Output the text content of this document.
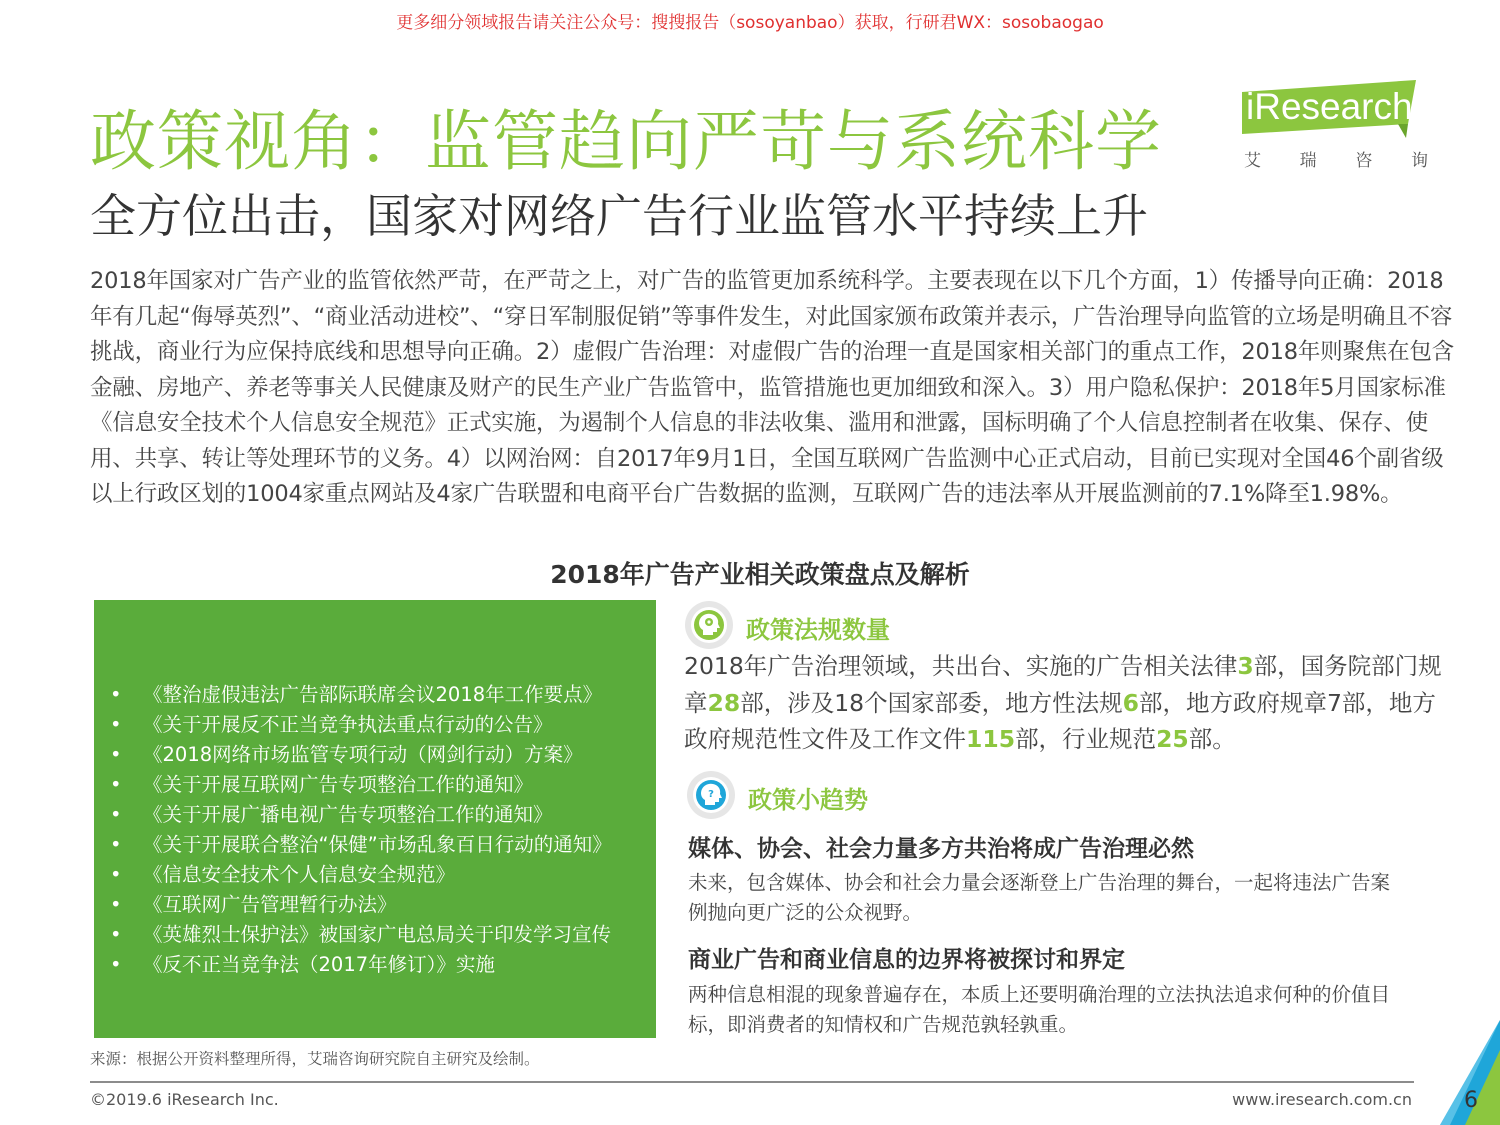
更多细分领域报告请关注公众号：搜搜报告（sosoyanbao）获取，行研君WX：sosobaogao
政策视角：监管趋向严苛与系统科学
全方位出击，国家对网络广告行业监管水平持续上升
iResearch
艾 瑞 咨 询
2018年国家对广告产业的监管依然严苛，在严苛之上，对广告的监管更加系统科学。主要表现在以下几个方面，1）传播导向正确：2018年有几起“侮辱英烈”、“商业活动进校”、“穿日军制服促销”等事件发生，对此国家颁布政策并表示，广告治理导向监管的立场是明确且不容挑战，商业行为应保持底线和思想导向正确。2）虚假广告治理：对虚假广告的治理一直是国家相关部门的重点工作，2018年则聚焦在包含金融、房地产、养老等事关人民健康及财产的民生产业广告监管中，监管措施也更加细致和深入。3）用户隐私保护：2018年5月国家标准《信息安全技术个人信息安全规范》正式实施，为遏制个人信息的非法收集、滥用和泄露，国标明确了个人信息控制者在收集、保存、使用、共享、转让等处理环节的义务。4）以网治网：自2017年9月1日，全国互联网广告监测中心正式启动，目前已实现对全国46个副省级以上行政区划的1004家重点网站及4家广告联盟和电商平台广告数据的监测，互联网广告的违法率从开展监测前的7.1%降至1.98%。
2018年广告产业相关政策盘点及解析
•	《整治虚假违法广告部际联席会议2018年工作要点》
•	《关于开展反不正当竞争执法重点行动的公告》
•	《2018网络市场监管专项行动（网剑行动）方案》
•	《关于开展互联网广告专项整治工作的通知》
•	《关于开展广播电视广告专项整治工作的通知》
•	《关于开展联合整治“保健”市场乱象百日行动的通知》
•	《信息安全技术个人信息安全规范》
•	《互联网广告管理暂行办法》
•	《英雄烈士保护法》被国家广电总局关于印发学习宣传
•	《反不正当竞争法（2017年修订）》实施
政策法规数量
2018年广告治理领域，共出台、实施的广告相关法律3部，国务院部门规章28部，涉及18个国家部委，地方性法规6部，地方政府规章7部，地方政府规范性文件及工作文件115部，行业规范25部。
? 政策小趋势
媒体、协会、社会力量多方共治将成广告治理必然
未来，包含媒体、协会和社会力量会逐渐登上广告治理的舞台，一起将违法广告案例抛向更广泛的公众视野。
商业广告和商业信息的边界将被探讨和界定
两种信息相混的现象普遍存在，本质上还要明确治理的立法执法追求何种的价值目标，即消费者的知情权和广告规范孰轻孰重。
来源：根据公开资料整理所得，艾瑞咨询研究院自主研究及绘制。
©2019.6 iResearch Inc.	www.iresearch.com.cn 6
